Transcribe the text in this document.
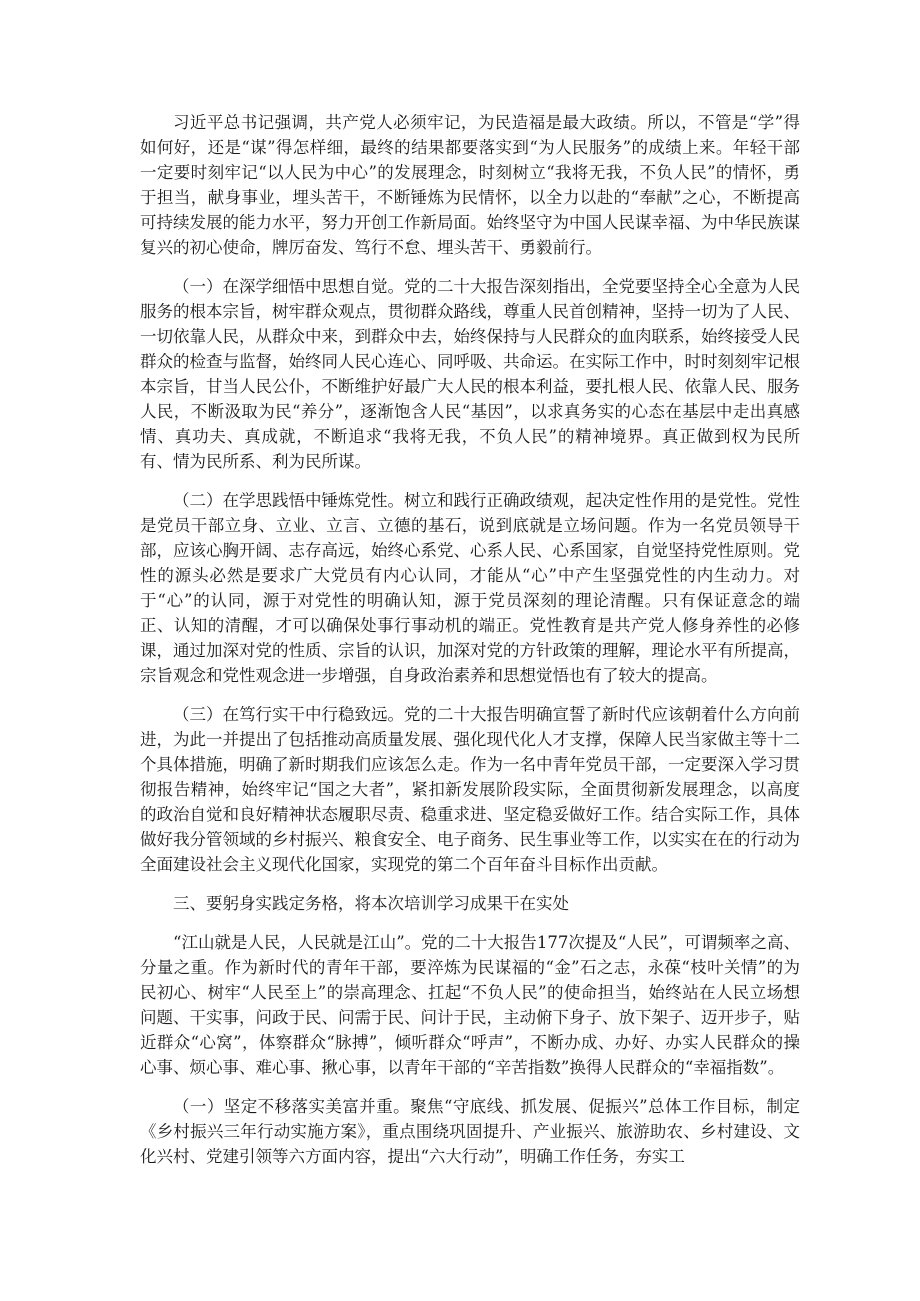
习近平总书记强调，共产党人必须牢记，为民造福是最大政绩。所以，不管是“学”得如何好，还是“谋”得怎样细，最终的结果都要落实到“为人民服务”的成绩上来。年轻干部一定要时刻牢记“以人民为中心”的发展理念，时刻树立“我将无我，不负人民”的情怀，勇于担当，献身事业，埋头苦干，不断锤炼为民情怀，以全力以赴的“奉献”之心，不断提高可持续发展的能力水平，努力开创工作新局面。始终坚守为中国人民谋幸福、为中华民族谋复兴的初心使命，牌厉奋发、笃行不怠、埋头苦干、勇毅前行。

（一）在深学细悟中思想自觉。党的二十大报告深刻指出，全党要坚持全心全意为人民服务的根本宗旨，树牢群众观点，贯彻群众路线，尊重人民首创精神，坚持一切为了人民、一切依靠人民，从群众中来，到群众中去，始终保持与人民群众的血肉联系，始终接受人民群众的检查与监督，始终同人民心连心、同呼吸、共命运。在实际工作中，时时刻刻牢记根本宗旨，甘当人民公仆，不断维护好最广大人民的根本利益，要扎根人民、依靠人民、服务人民，不断汲取为民“养分”，逐渐饱含人民“基因”，以求真务实的心态在基层中走出真感情、真功夫、真成就，不断追求“我将无我，不负人民”的精神境界。真正做到权为民所有、情为民所系、利为民所谋。

（二）在学思践悟中锤炼党性。树立和践行正确政绩观，起决定性作用的是党性。党性是党员干部立身、立业、立言、立德的基石，说到底就是立场问题。作为一名党员领导干部，应该心胸开阔、志存高远，始终心系党、心系人民、心系国家，自觉坚持党性原则。党性的源头必然是要求广大党员有内心认同，才能从“心”中产生坚强党性的内生动力。对于“心”的认同，源于对党性的明确认知，源于党员深刻的理论清醒。只有保证意念的端正、认知的清醒，才可以确保处事行事动机的端正。党性教育是共产党人修身养性的必修课，通过加深对党的性质、宗旨的认识，加深对党的方针政策的理解，理论水平有所提高，宗旨观念和党性观念进一步增强，自身政治素养和思想觉悟也有了较大的提高。

（三）在笃行实干中行稳致远。党的二十大报告明确宣誓了新时代应该朝着什么方向前进，为此一并提出了包括推动高质量发展、强化现代化人才支撑，保障人民当家做主等十二个具体措施，明确了新时期我们应该怎么走。作为一名中青年党员干部，一定要深入学习贯彻报告精神，始终牢记“国之大者”，紧扣新发展阶段实际，全面贯彻新发展理念，以高度的政治自觉和良好精神状态履职尽责、稳重求进、坚定稳妥做好工作。结合实际工作，具体做好我分管领域的乡村振兴、粮食安全、电子商务、民生事业等工作，以实实在在的行动为全面建设社会主义现代化国家，实现党的第二个百年奋斗目标作出贡献。

三、要躬身实践定务格，将本次培训学习成果干在实处

“江山就是人民，人民就是江山”。党的二十大报告177次提及“人民”，可谓频率之高、分量之重。作为新时代的青年干部，要淬炼为民谋福的“金”石之志，永葆“枝叶关情”的为民初心、树牢“人民至上”的崇高理念、扛起“不负人民”的使命担当，始终站在人民立场想问题、干实事，问政于民、问需于民、问计于民，主动俯下身子、放下架子、迈开步子，贴近群众“心窝”，体察群众“脉搏”，倾听群众“呼声”，不断办成、办好、办实人民群众的操心事、烦心事、难心事、揪心事，以青年干部的“辛苦指数”换得人民群众的“幸福指数”。

（一）坚定不移落实美富并重。聚焦“守底线、抓发展、促振兴”总体工作目标，制定《乡村振兴三年行动实施方案》，重点围绕巩固提升、产业振兴、旅游助农、乡村建设、文化兴村、党建引领等六方面内容，提出“六大行动”，明确工作任务，夯实工
